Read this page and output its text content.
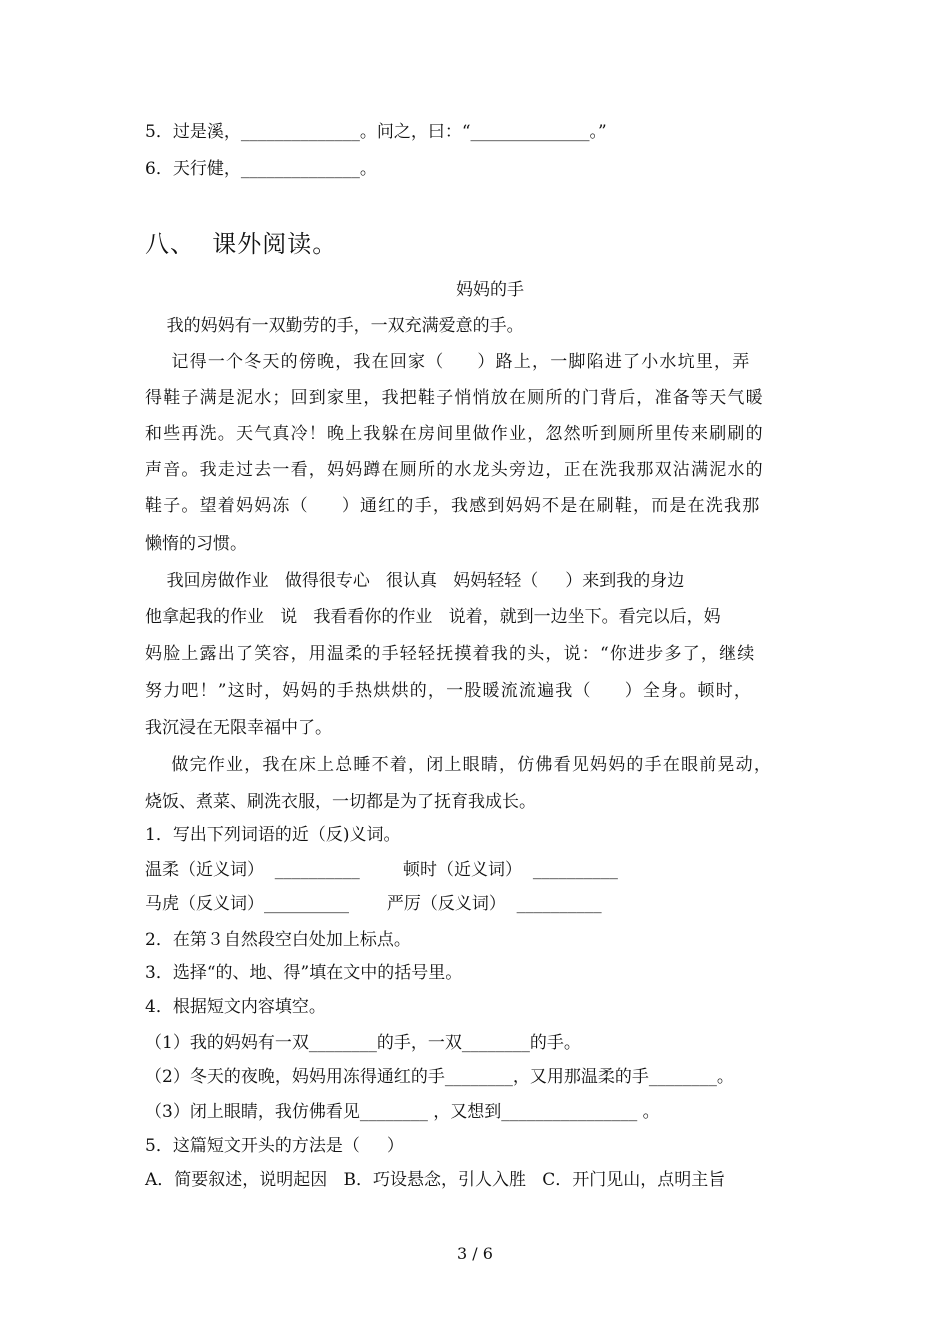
5．过是溪，______________。问之，曰：“______________。”
6．天行健，______________。
八、  课外阅读。
妈妈的手
我的妈妈有一双勤劳的手，一双充满爱意的手。
记得一个冬天的傍晚，我在回家（     ）路上，一脚陷进了小水坑里，弄
得鞋子满是泥水；回到家里，我把鞋子悄悄放在厕所的门背后，准备等天气暖
和些再洗。天气真冷！晚上我躲在房间里做作业，忽然听到厕所里传来刷刷的
声音。我走过去一看，妈妈蹲在厕所的水龙头旁边，正在洗我那双沾满泥水的
鞋子。望着妈妈冻（     ）通红的手，我感到妈妈不是在刷鞋，而是在洗我那
懒惰的习惯。
我回房做作业   做得很专心   很认真   妈妈轻轻（     ）来到我的身边
他拿起我的作业   说   我看看你的作业   说着，就到一边坐下。看完以后，妈
妈脸上露出了笑容，用温柔的手轻轻抚摸着我的头，说：“你进步多了，继续
努力吧！”这时，妈妈的手热烘烘的，一股暖流流遍我（     ）全身。顿时，
我沉浸在无限幸福中了。
做完作业，我在床上总睡不着，闭上眼睛，仿佛看见妈妈的手在眼前晃动，
烧饭、煮菜、刷洗衣服，一切都是为了抚育我成长。
1．写出下列词语的近（反)义词。
温柔（近义词）  __________        顿时（近义词）  __________
马虎（反义词）__________       严厉（反义词）  __________
2．在第３自然段空白处加上标点。
3．选择“的、地、得”填在文中的括号里。
4．根据短文内容填空。
（1）我的妈妈有一双________的手，一双________的手。
（2）冬天的夜晚，妈妈用冻得通红的手________，又用那温柔的手________。
（3）闭上眼睛，我仿佛看见________ ，又想到________________ 。
5．这篇短文开头的方法是（     ）
A．简要叙述，说明起因   B．巧设悬念，引人入胜   C．开门见山，点明主旨
3 / 6
